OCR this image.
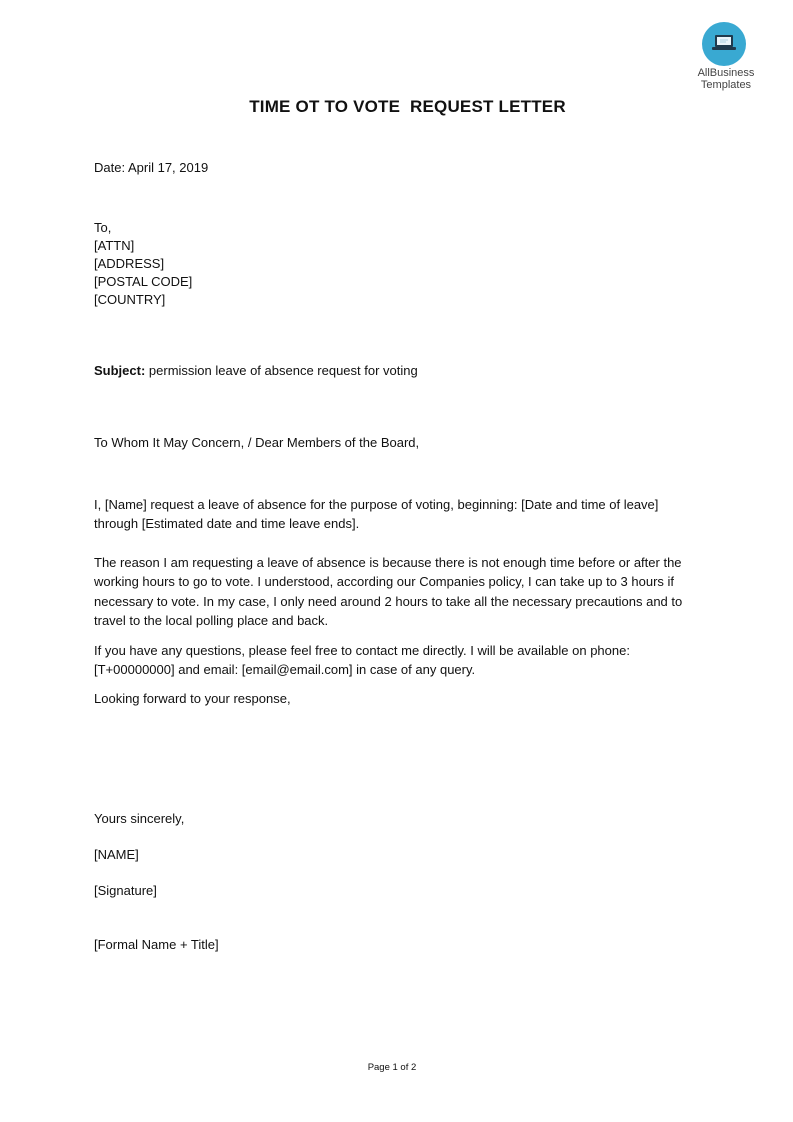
AllBusiness
Templates
TIME OT TO VOTE  REQUEST LETTER
Date: April 17, 2019
To,
[ATTN]
[ADDRESS]
[POSTAL CODE]
[COUNTRY]
Subject: permission leave of absence request for voting
To Whom It May Concern, / Dear Members of the Board,
I, [Name] request a leave of absence for the purpose of voting, beginning: [Date and time of leave] through [Estimated date and time leave ends].
The reason I am requesting a leave of absence is because there is not enough time before or after the working hours to go to vote. I understood, according our Companies policy, I can take up to 3 hours if necessary to vote. In my case, I only need around 2 hours to take all the necessary precautions and to travel to the local polling place and back.
If you have any questions, please feel free to contact me directly. I will be available on phone: [T+00000000] and email: [email@email.com] in case of any query.
Looking forward to your response,
Yours sincerely,
[NAME]
[Signature]
[Formal Name + Title]
Page 1 of 2
